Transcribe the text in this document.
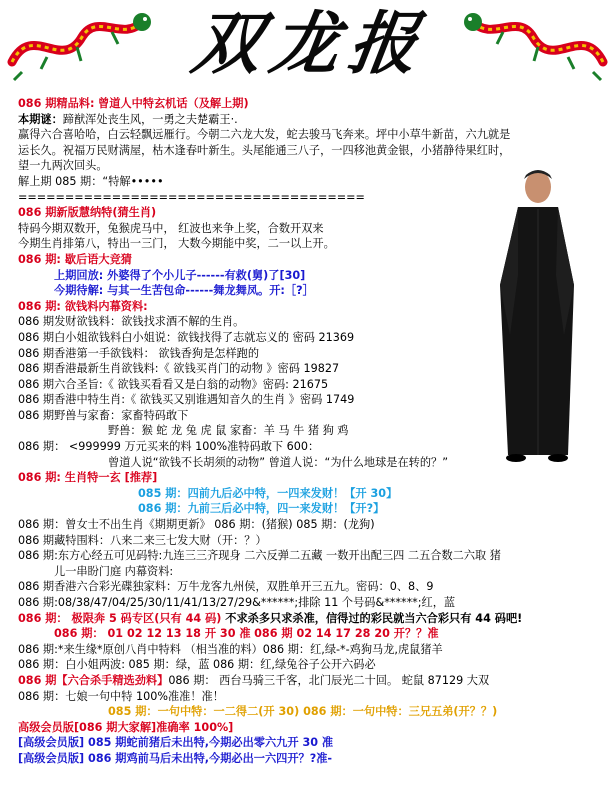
双龙报
086 期精品料: 曾道人中特玄机话（及解上期)
本期谜：蹄猷浑处丧生风，一勇之夫楚霸王·.
赢得六合喜哈哈，白云轻飘远雁行。今朝二六龙大发，蛇去骏马飞奔来。坪中小草牛新苗，六九就是
运长久。祝福万民财满屋，枯木逢春叶新生。头尾能通三八子，一四移池黄金银，小猪静待果红时，
望一九两次回头。
解上期 085 期：“特解•••••
=====================================
086 期新版慧纳特(猜生肖)
特码今期双数开，兔猴虎马中， 红波也来争上奖，合数开双来
今期生肖排第八，特出一三门， 大数今期能中奖，二一以上开。
086 期: 歇后语大竞猜
上期回放: 外婆得了个小儿子------有救(舅)了[30]
今期待解: 与其一生苦包命------舞龙舞凤。开:［?］
086 期: 欲钱料内幕资料:
086 期发财欲钱料：欲钱找求酒不解的生肖。
086 期白小姐欲钱料白小姐说：欲钱找得了志就忘义的 密码 21369
086 期香港第一手欲钱料： 欲钱香狗是怎样跑的
086 期香港最新生肖欲钱料:《 欲钱买肖门的动物 》密码 19827
086 期六合圣旨:《 欲钱买看看又是白翁的动物》密码: 21675
086 期香港中特生肖:《 欲钱买又别谁遇知音久的生肖 》密码 1749
086 期野兽与家畜：家畜特码敢下
野兽：猴 蛇 龙 兔 虎 鼠 家畜：羊 马 牛 猪 狗 鸡
086 期： <999999 万元买来的料 100%准特码敢下 600：
曾道人说“欲钱不长胡须的动物” 曾道人说：“为什么地球是在转的？”
086 期: 生肖特一玄 [推荐]
085 期：四前九后必中特，一四来发财！【开 30】
086 期：九前三后必中特，四一来发财！【开?】
086 期：曾女士不出生肖《期期更新》 086 期：(猪猴) 085 期：(龙狗)
086 期藏特围料：八来二来三七发大财（开：？）
086 期:东方心经五可见码特:九连三三齐现身 二六反弹二五藏 一数开出配三四 二五合数二六取 猪
儿一串盼门庭 内幕资料:
086 期香港六合彩光碟独家料：万牛龙客九州侯，双胜单开三五九。密码：0、8、9
086 期:08/38/47/04/25/30/11/41/13/27/29&******;排除 11 个号码&******;红，蓝
086 期： 极限奔 5 码专区(只有 44 码) 不求杀多只求杀准，信得过的彩民就当六合彩只有 44 码吧!
086 期： 01 02 12 13 18 开 30 准 086 期 02 14 17 28 20 开？？准
086 期:*来生缘*原创八肖中特料 （相当准的料）086 期：红,绿-*-鸡狗马龙,虎鼠猪羊
086 期：白小姐两波: 085 期：绿，蓝 086 期：红,绿兔谷子公开六码必
086 期【六合杀手精选劲料】086 期： 西台马骑三千客，北门辰光二十回。 蛇鼠 87129 大双
086 期：七娘一句中特 100%准准！准！
085 期：一句中特：一二得二(开 30) 086 期：一句中特：三兄五弟(开？？)
高级会员版[086 期大家解]准确率 100%]
[高级会员版] 085 期蛇前猪后未出特,今期必出零六九开 30 准
[高级会员版] 086 期鸡前马后未出特,今期必出一六四开？?准-
